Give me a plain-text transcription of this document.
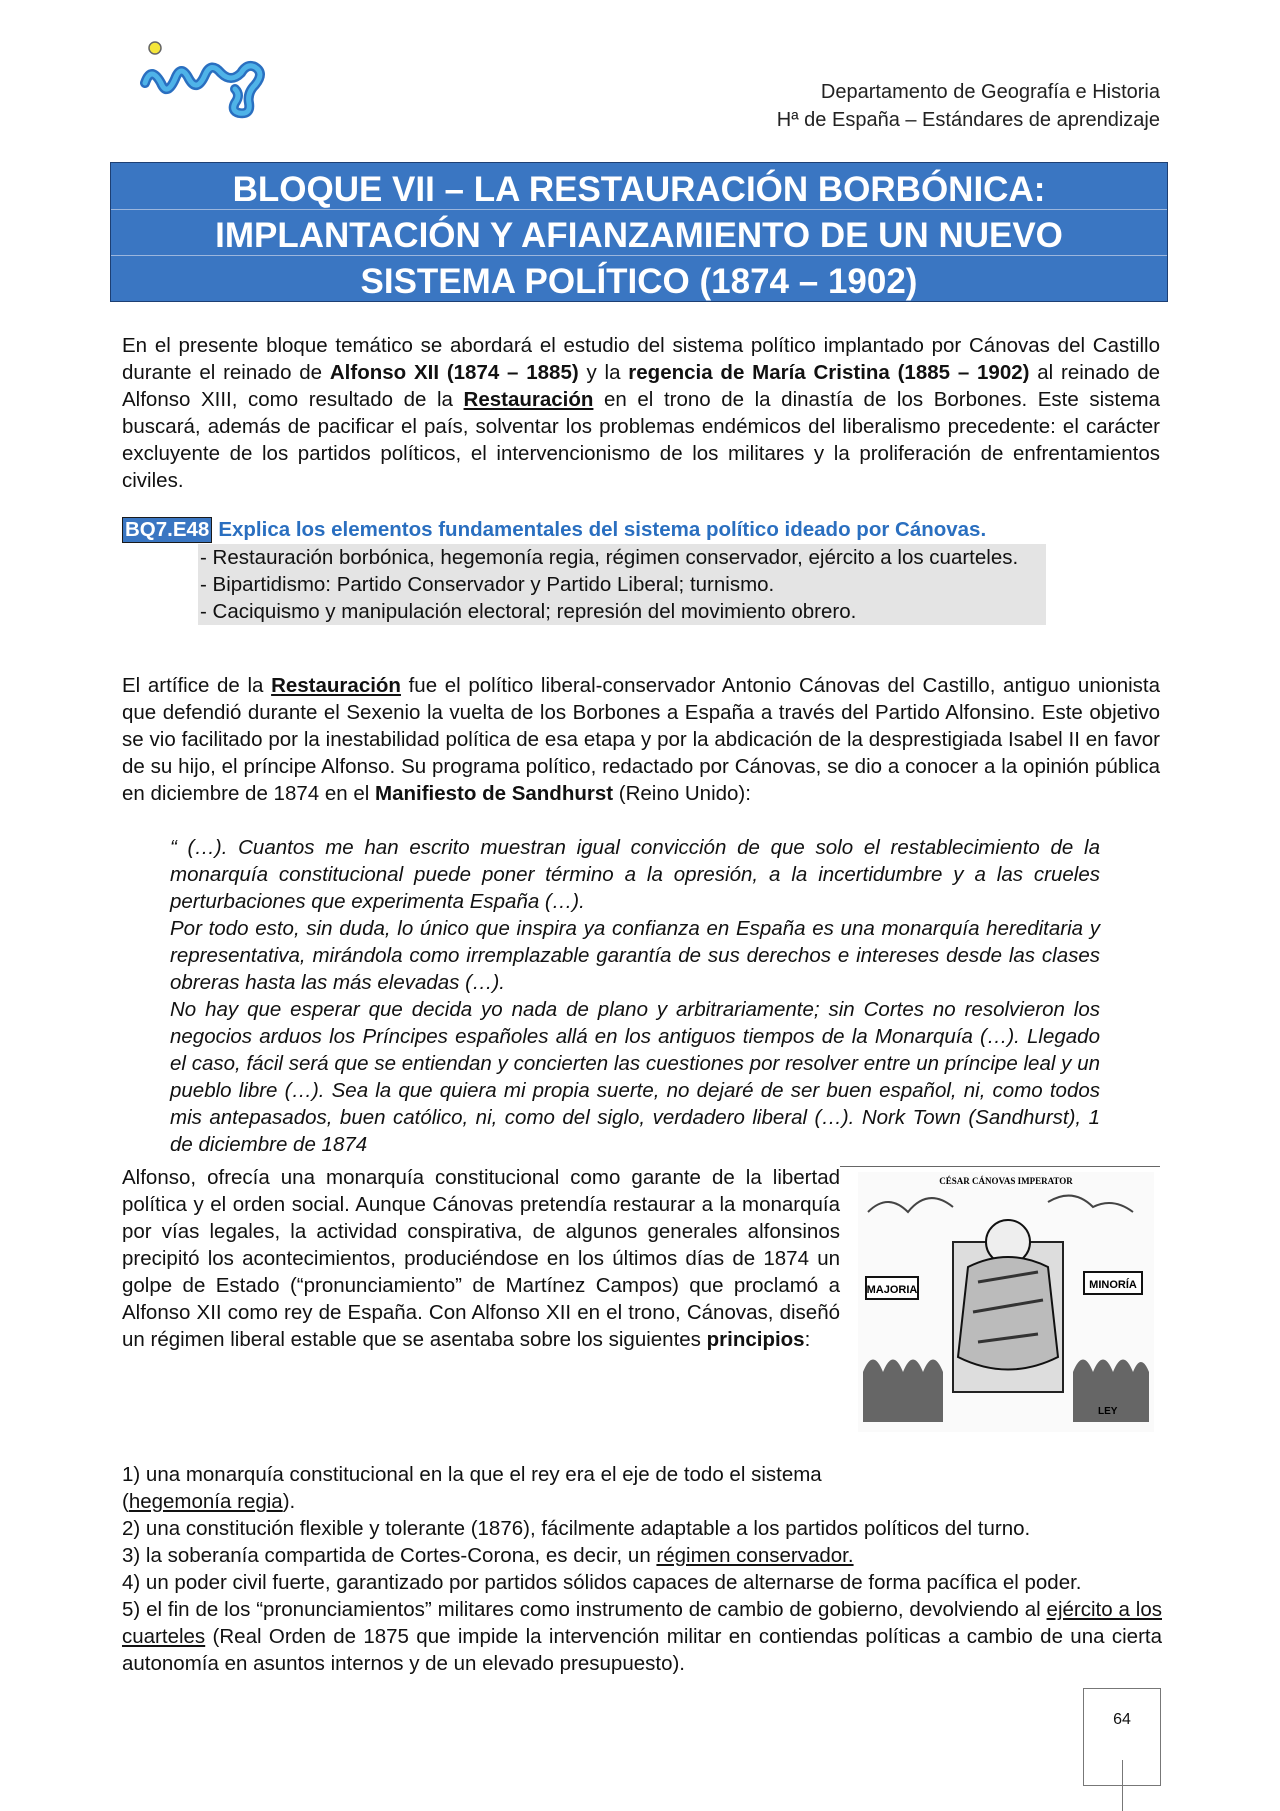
Departamento de Geografía e Historia
Hª de España – Estándares de aprendizaje
BLOQUE VII – LA RESTAURACIÓN BORBÓNICA:
IMPLANTACIÓN Y AFIANZAMIENTO DE UN NUEVO
SISTEMA POLÍTICO (1874 – 1902)

En el presente bloque temático se abordará el estudio del sistema político implantado por Cánovas del Castillo durante el reinado de Alfonso XII (1874 – 1885) y la regencia de María Cristina (1885 – 1902) al reinado de Alfonso XIII, como resultado de la Restauración en el trono de la dinastía de los Borbones. Este sistema buscará, además de pacificar el país, solventar los problemas endémicos del liberalismo precedente: el carácter excluyente de los partidos políticos, el intervencionismo de los militares y la proliferación de enfrentamientos civiles.

BQ7.E48 Explica los elementos fundamentales del sistema político ideado por Cánovas.
- Restauración borbónica, hegemonía regia, régimen conservador, ejército a los cuarteles.
- Bipartidismo: Partido Conservador y Partido Liberal; turnismo.
- Caciquismo y manipulación electoral; represión del movimiento obrero.

El artífice de la Restauración fue el político liberal-conservador Antonio Cánovas del Castillo, antiguo unionista que defendió durante el Sexenio la vuelta de los Borbones a España a través del Partido Alfonsino. Este objetivo se vio facilitado por la inestabilidad política de esa etapa y por la abdicación de la desprestigiada Isabel II en favor de su hijo, el príncipe Alfonso. Su programa político, redactado por Cánovas, se dio a conocer a la opinión pública en diciembre de 1874 en el Manifiesto de Sandhurst (Reino Unido):

“ (…). Cuantos me han escrito muestran igual convicción de que solo el restablecimiento de la monarquía constitucional puede poner término a la opresión, a la incertidumbre y a las crueles perturbaciones que experimenta España (…).

Por todo esto, sin duda, lo único que inspira ya confianza en España es una monarquía hereditaria y representativa, mirándola como irremplazable garantía de sus derechos e intereses desde las clases obreras hasta las más elevadas (…).

No hay que esperar que decida yo nada de plano y arbitrariamente; sin Cortes no resolvieron los negocios arduos los Príncipes españoles allá en los antiguos tiempos de la Monarquía (…). Llegado el caso, fácil será que se entiendan y concierten las cuestiones por resolver entre un príncipe leal y un pueblo libre (…). Sea la que quiera mi propia suerte, no dejaré de ser buen español, ni, como todos mis antepasados, buen católico, ni, como del siglo, verdadero liberal (…). Nork Town (Sandhurst), 1 de diciembre de 1874

CÉSAR CÁNOVAS IMPERATOR
MAJORIA	MINORÍA
LEY

Alfonso, ofrecía una monarquía constitucional como garante de la libertad política y el orden social. Aunque Cánovas pretendía restaurar a la monarquía por vías legales, la actividad conspirativa, de algunos generales alfonsinos precipitó los acontecimientos, produciéndose en los últimos días de 1874 un golpe de Estado (“pronunciamiento” de Martínez Campos) que proclamó a Alfonso XII como rey de España. Con Alfonso XII en el trono, Cánovas, diseñó un régimen liberal estable que se asentaba sobre los siguientes principios:

1) una monarquía constitucional en la que el rey era el eje de todo el sistema (hegemonía regia).

2) una constitución flexible y tolerante (1876), fácilmente adaptable a los partidos políticos del turno.

3) la soberanía compartida de Cortes-Corona, es decir, un régimen conservador.

4) un poder civil fuerte, garantizado por partidos sólidos capaces de alternarse de forma pacífica el poder.

5) el fin de los “pronunciamientos” militares como instrumento de cambio de gobierno, devolviendo al ejército a los cuarteles (Real Orden de 1875 que impide la intervención militar en contiendas políticas a cambio de una cierta autonomía en asuntos internos y de un elevado presupuesto).

64
